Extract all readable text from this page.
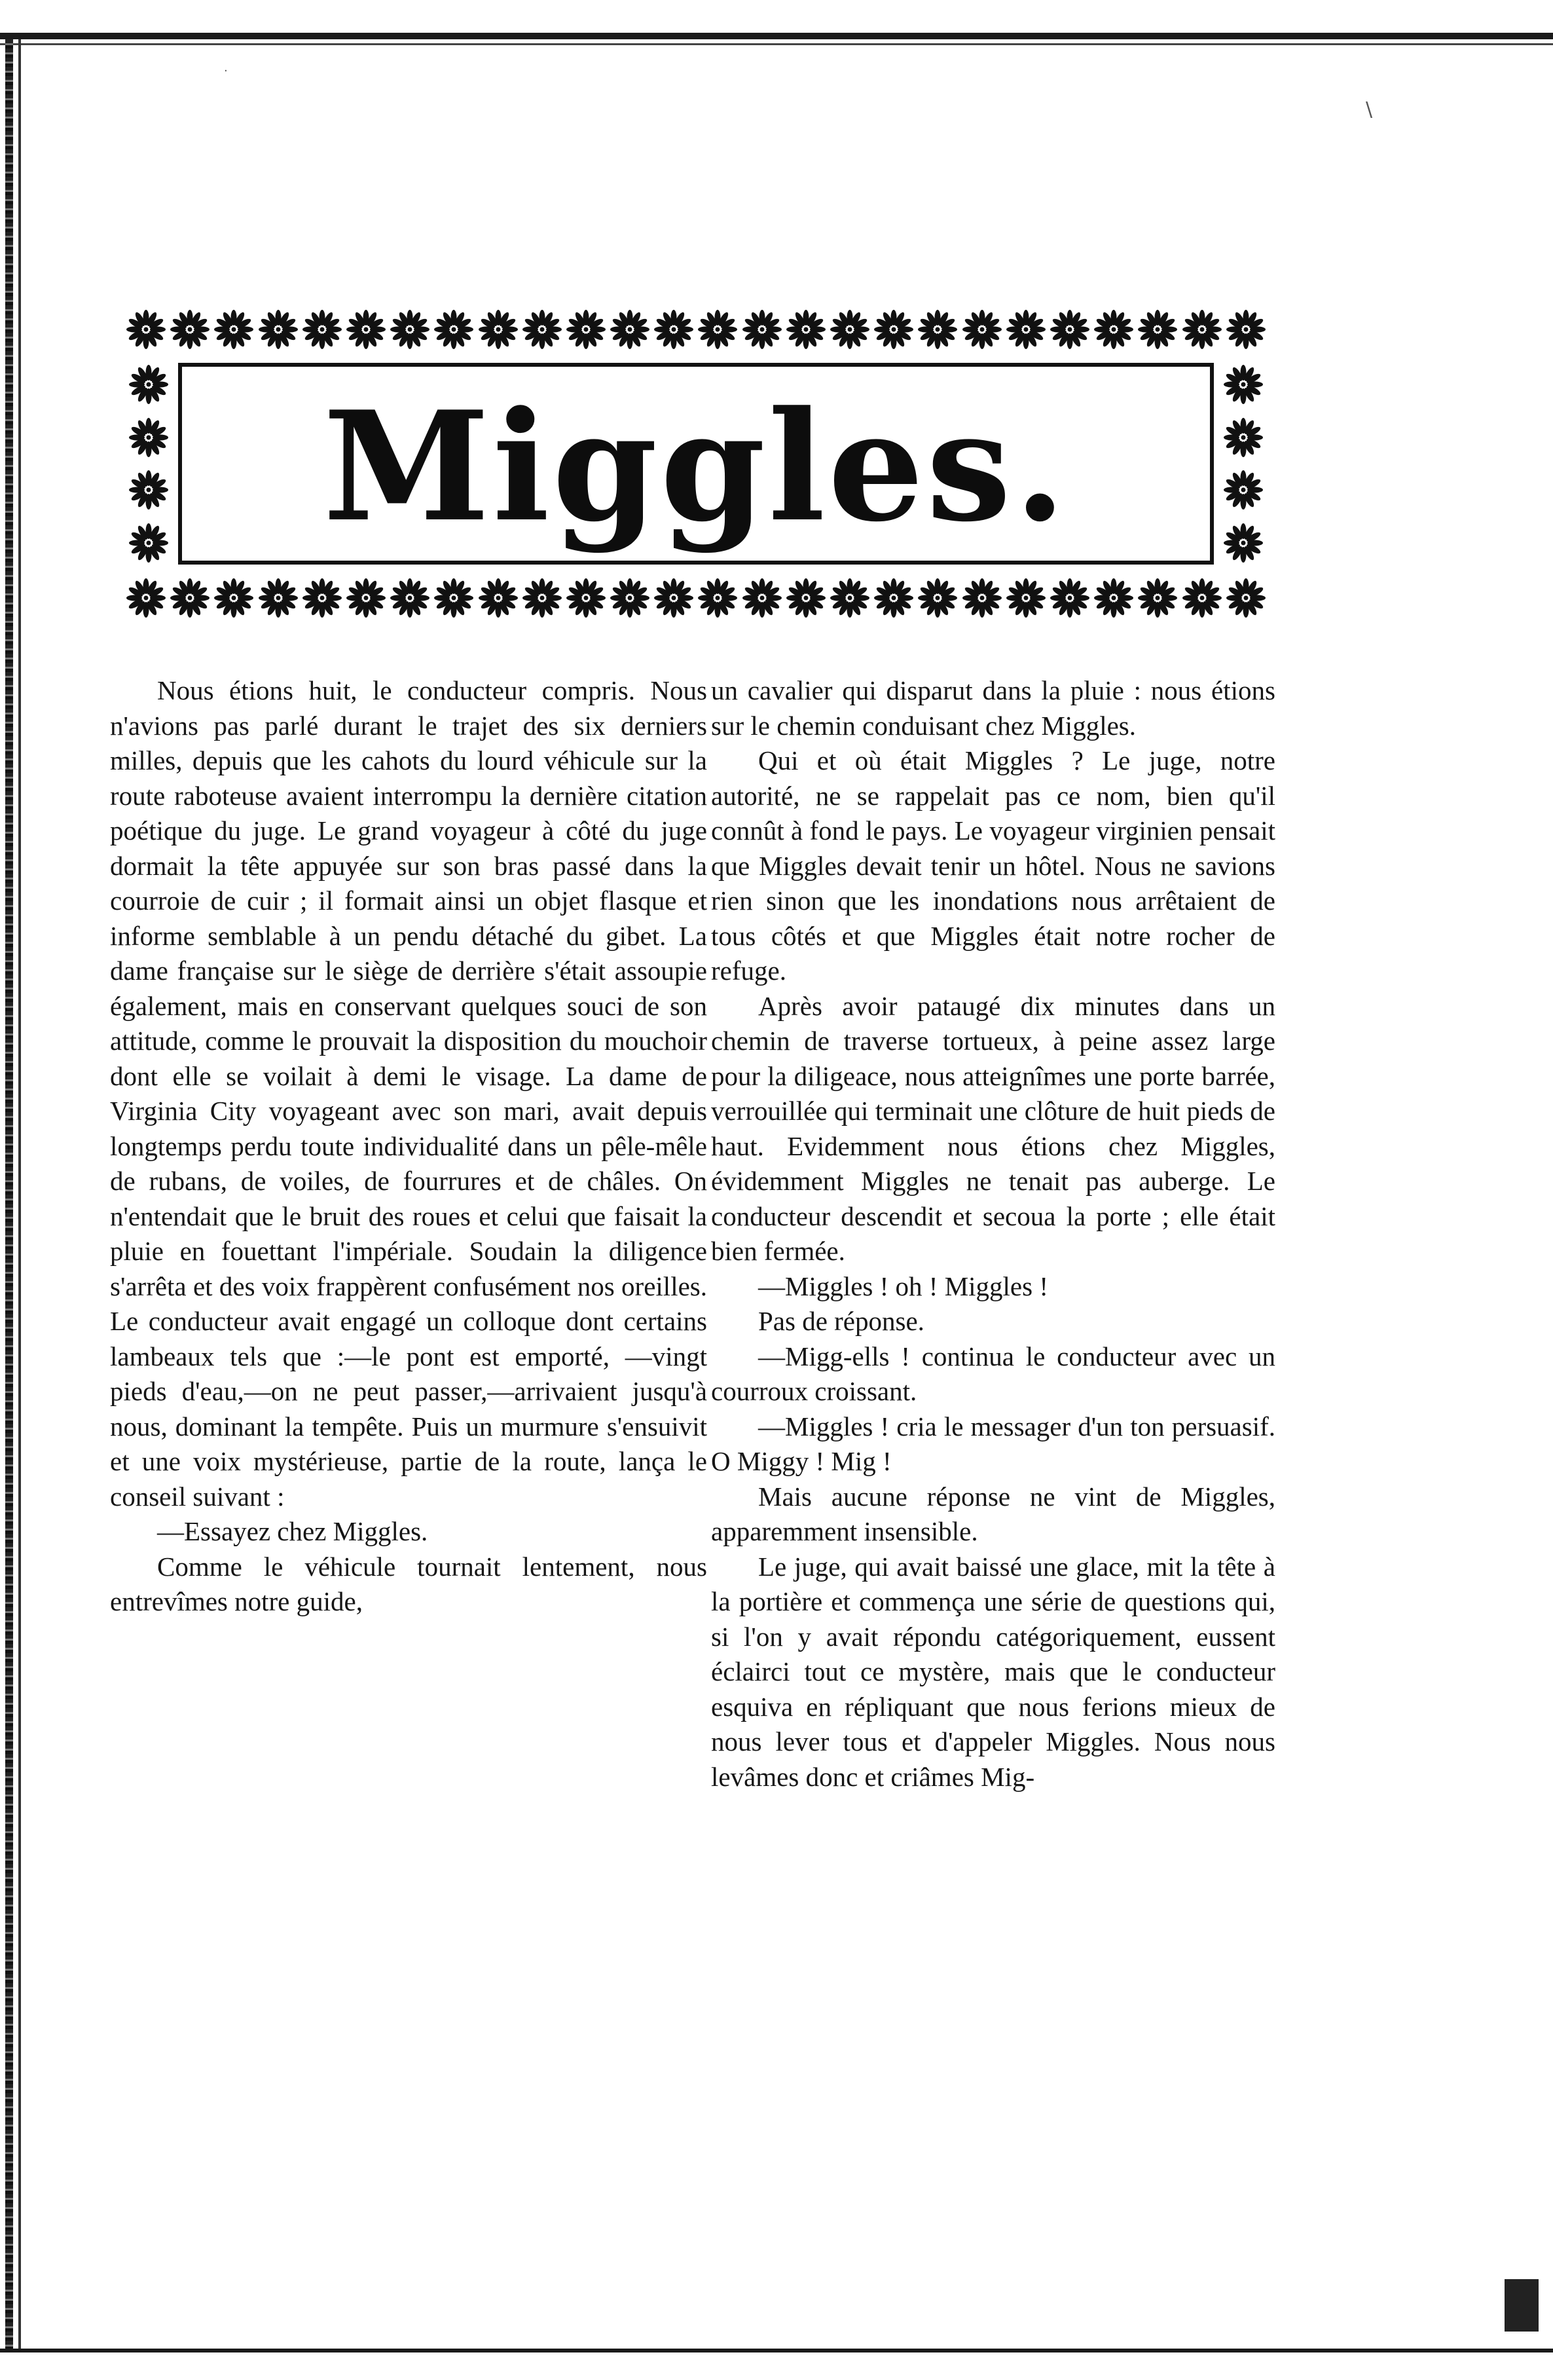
·
\
Miggles.

Nous étions huit, le conducteur compris. Nous n'avions pas parlé durant le trajet des six derniers milles, depuis que les cahots du lourd véhicule sur la route raboteuse avaient interrompu la dernière citation poétique du juge. Le grand voyageur à côté du juge dormait la tête appuyée sur son bras passé dans la courroie de cuir ; il formait ainsi un objet flasque et informe semblable à un pendu détaché du gibet. La dame française sur le siège de derrière s'était assoupie également, mais en conservant quelques souci de son attitude, comme le prouvait la disposition du mouchoir dont elle se voilait à demi le visage. La dame de Virginia City voyageant avec son mari, avait depuis longtemps perdu toute individualité dans un pêle-mêle de rubans, de voiles, de fourrures et de châles. On n'entendait que le bruit des roues et celui que faisait la pluie en fouettant l'impériale. Soudain la diligence s'arrêta et des voix frappèrent confusément nos oreilles. Le conducteur avait engagé un colloque dont certains lambeaux tels que :—le pont est emporté, —vingt pieds d'eau,—on ne peut passer,—arrivaient jusqu'à nous, dominant la tempête. Puis un murmure s'ensuivit et une voix mystérieuse, partie de la route, lança le conseil suivant :

—Essayez chez Miggles.

Comme le véhicule tournait lentement, nous entrevîmes notre guide,

un cavalier qui disparut dans la pluie : nous étions sur le chemin conduisant chez Miggles.

Qui et où était Miggles ? Le juge, notre autorité, ne se rappelait pas ce nom, bien qu'il connût à fond le pays. Le voyageur virginien pensait que Miggles devait tenir un hôtel. Nous ne savions rien sinon que les inondations nous arrêtaient de tous côtés et que Miggles était notre rocher de refuge.

Après avoir pataugé dix minutes dans un chemin de traverse tortueux, à peine assez large pour la diligeace, nous atteignîmes une porte barrée, verrouillée qui terminait une clôture de huit pieds de haut. Evidemment nous étions chez Miggles, évidemment Miggles ne tenait pas auberge. Le conducteur descendit et secoua la porte ; elle était bien fermée.

—Miggles ! oh ! Miggles !

Pas de réponse.

—Migg-ells ! continua le conducteur avec un courroux croissant.

—Miggles ! cria le messager d'un ton persuasif. O Miggy ! Mig !

Mais aucune réponse ne vint de Miggles, apparemment insensible.

Le juge, qui avait baissé une glace, mit la tête à la portière et commença une série de questions qui, si l'on y avait répondu catégoriquement, eussent éclairci tout ce mystère, mais que le conducteur esquiva en répliquant que nous ferions mieux de nous lever tous et d'appeler Miggles. Nous nous levâmes donc et criâmes Mig-
